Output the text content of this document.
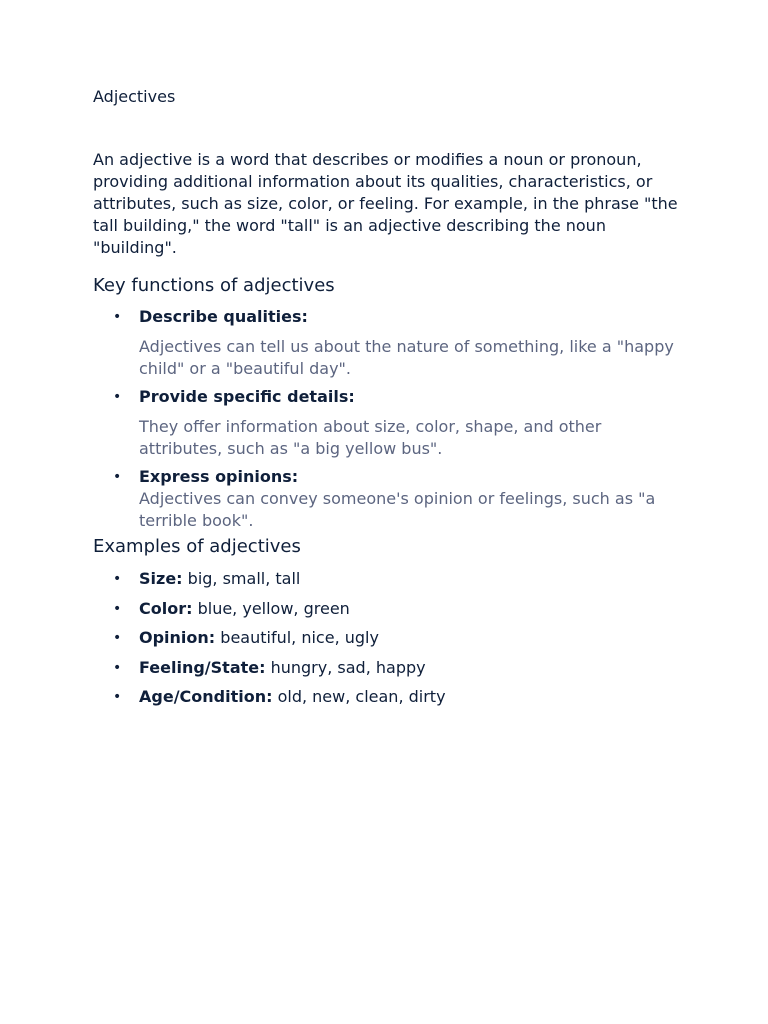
Adjectives

An adjective is a word that describes or modifies a noun or pronoun, providing additional information about its qualities, characteristics, or attributes, such as size, color, or feeling. For example, in the phrase "the tall building," the word "tall" is an adjective describing the noun "building".

Key functions of adjectives
• Describe qualities:
Adjectives can tell us about the nature of something, like a "happy child" or a "beautiful day".
• Provide specific details:
They offer information about size, color, shape, and other attributes, such as "a big yellow bus".
• Express opinions:
Adjectives can convey someone's opinion or feelings, such as "a terrible book".
Examples of adjectives
• Size: big, small, tall
• Color: blue, yellow, green
• Opinion: beautiful, nice, ugly
• Feeling/State: hungry, sad, happy
• Age/Condition: old, new, clean, dirty
